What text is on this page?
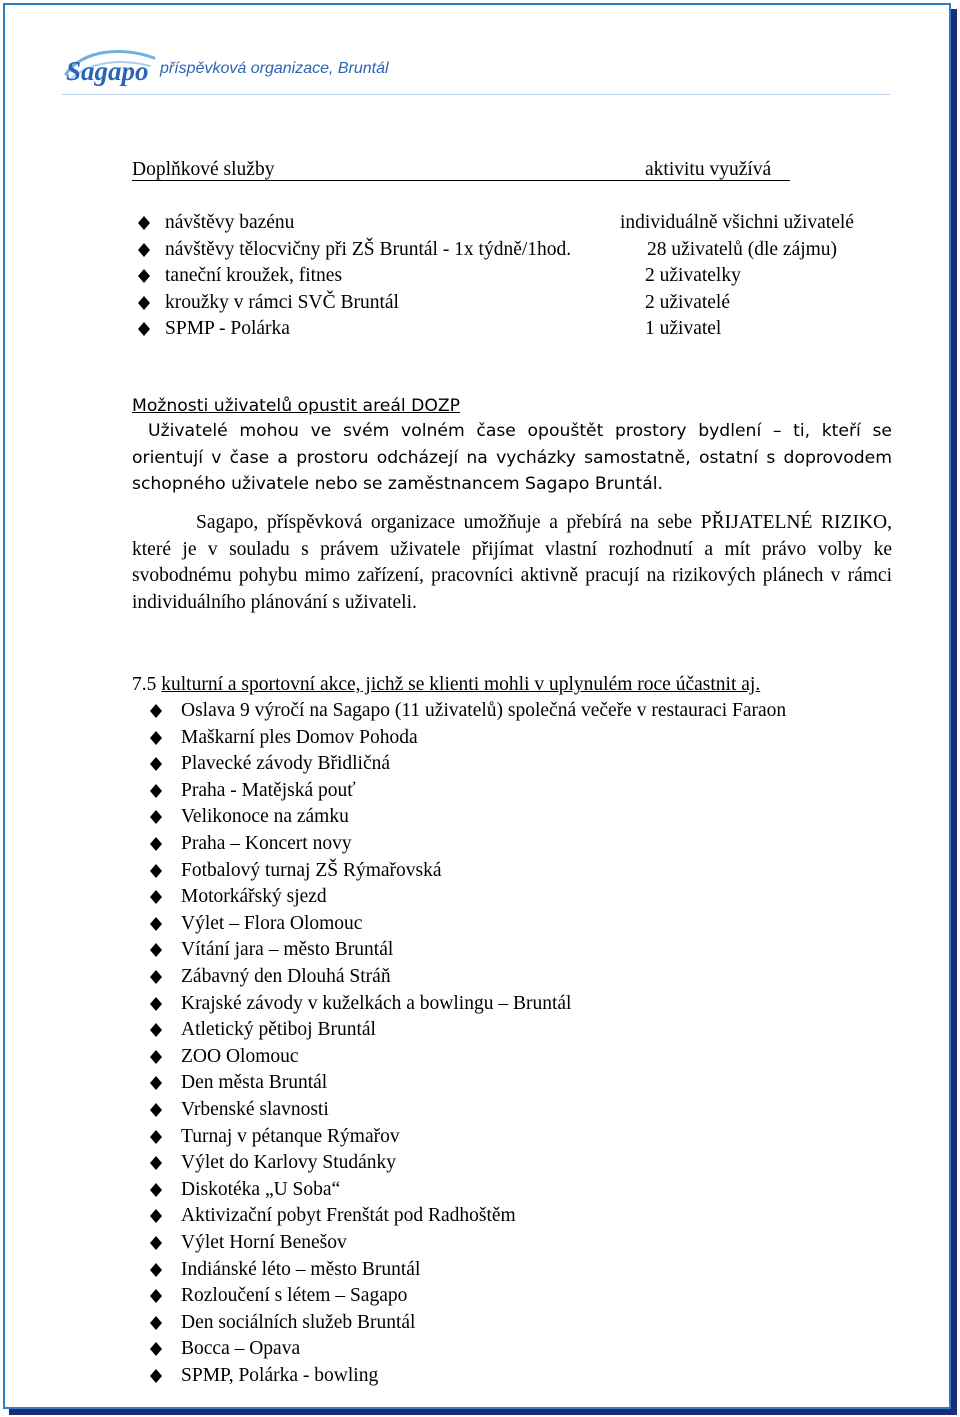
Sagapo příspěvková organizace, Bruntál
Doplňkové služby	aktivitu využívá
návštěvy bazénu	individuálně všichni uživatelé
návštěvy tělocvičny při ZŠ Bruntál - 1x týdně/1hod.	28 uživatelů (dle zájmu)
taneční kroužek, fitnes	2 uživatelky
kroužky v rámci SVČ Bruntál	2 uživatelé
SPMP - Polárka	1 uživatel
Možnosti uživatelů opustit areál DOZP
Uživatelé mohou ve svém volném čase opouštět prostory bydlení – ti, kteří se orientují v čase a prostoru odcházejí na vycházky samostatně, ostatní s doprovodem schopného uživatele nebo se zaměstnancem Sagapo Bruntál.
Sagapo, příspěvková organizace umožňuje a přebírá na sebe PŘIJATELNÉ RIZIKO, které je v souladu s právem uživatele přijímat vlastní rozhodnutí a mít právo volby ke svobodnému pohybu mimo zařízení, pracovníci aktivně pracují na rizikových plánech v rámci individuálního plánování s uživateli.
7.5 kulturní a sportovní akce, jichž se klienti mohli v uplynulém roce účastnit aj.
Oslava 9 výročí na Sagapo (11 uživatelů) společná večeře v restauraci Faraon
Maškarní ples Domov Pohoda
Plavecké závody Břidličná
Praha - Matějská pouť
Velikonoce na zámku
Praha – Koncert novy
Fotbalový turnaj ZŠ Rýmařovská
Motorkářský sjezd
Výlet – Flora Olomouc
Vítání jara – město Bruntál
Zábavný den Dlouhá Stráň
Krajské závody v kuželkách a bowlingu – Bruntál
Atletický pětiboj Bruntál
ZOO Olomouc
Den města Bruntál
Vrbenské slavnosti
Turnaj v pétanque Rýmařov
Výlet do Karlovy Studánky
Diskotéka „U Soba“
Aktivizační pobyt Frenštát pod Radhoštěm
Výlet Horní Benešov
Indiánské léto – město Bruntál
Rozloučení s létem – Sagapo
Den sociálních služeb Bruntál
Bocca – Opava
SPMP, Polárka - bowling
